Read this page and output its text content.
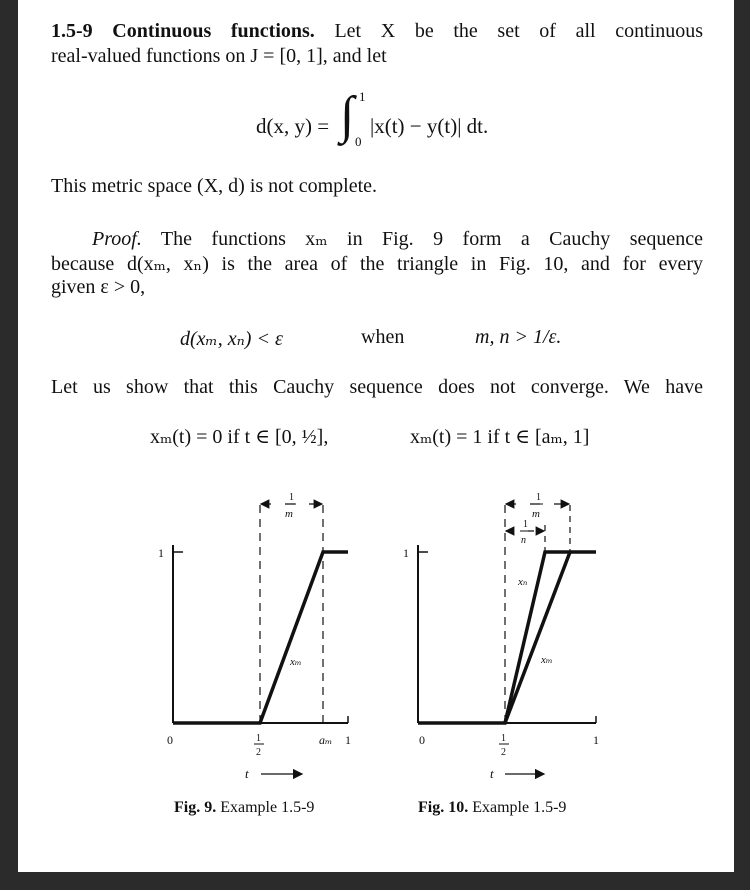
1.5-9 Continuous functions. Let X be the set of all continuous
real-valued functions on J = [0, 1], and let
d(x, y) = ∫ 1
0
|x(t) − y(t)| dt.
This metric space (X, d) is not complete.
Proof. The functions xₘ in Fig. 9 form a Cauchy sequence
because d(xₘ, xₙ) is the area of the triangle in Fig. 10, and for every
given ε > 0,
d(xₘ, xₙ) < ε	when	m, n > 1/ε.
Let us show that this Cauchy sequence does not converge. We have
xₘ(t) = 0 if t ∈ [0, ½],	xₘ(t) = 1 if t ∈ [aₘ, 1]
1
0
1
m
xₘ
1
2
aₘ 1
t
1
0
1
m
1
n
xₙ
xₘ
1
2
1
t
Fig. 9. Example 1.5-9	Fig. 10. Example 1.5-9
